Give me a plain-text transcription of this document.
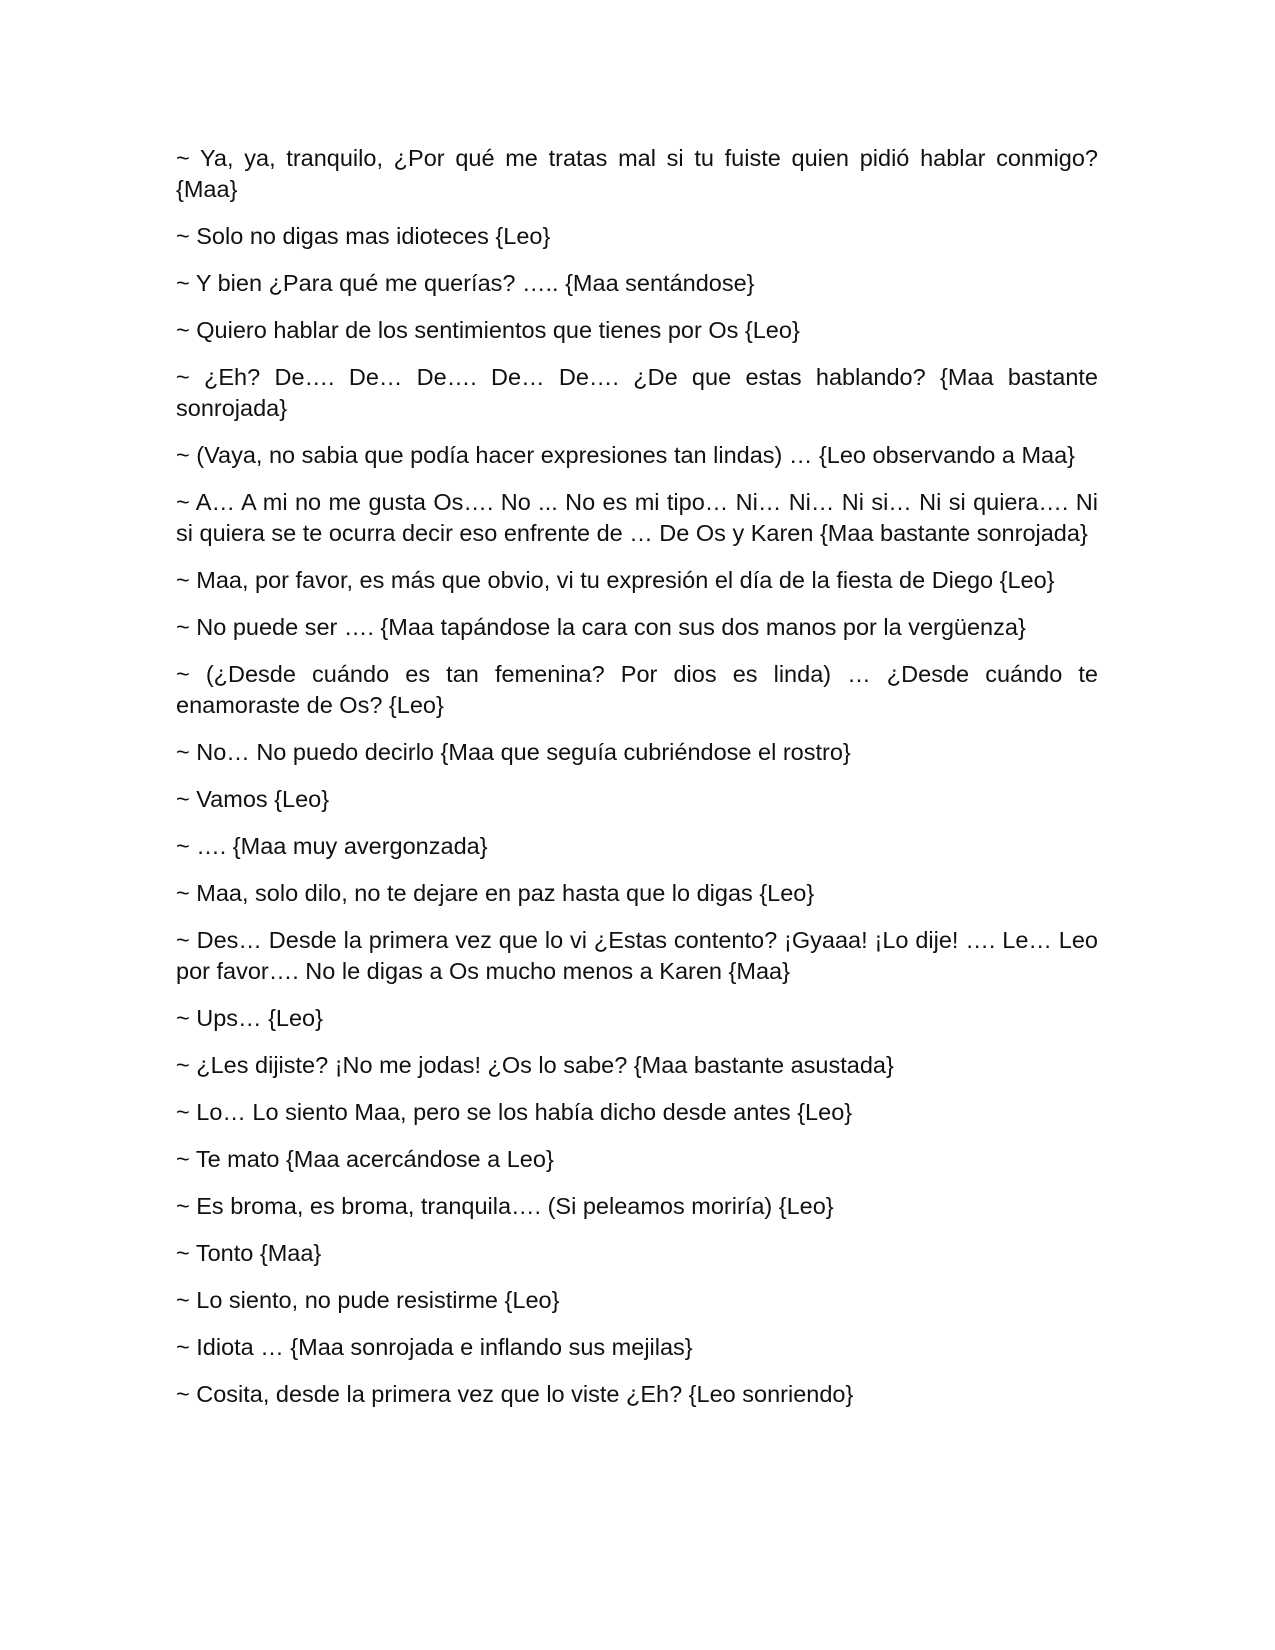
~ Ya, ya, tranquilo, ¿Por qué me tratas mal si tu fuiste quien pidió hablar conmigo? {Maa}

~ Solo no digas mas idioteces {Leo}

~ Y bien ¿Para qué me querías? ….. {Maa sentándose}

~ Quiero hablar de los sentimientos que tienes por Os {Leo}

~ ¿Eh? De…. De… De…. De… De…. ¿De que estas hablando? {Maa bastante sonrojada}

~ (Vaya, no sabia que podía hacer expresiones tan lindas) … {Leo observando a Maa}

~ A… A mi no me gusta Os…. No ... No es mi tipo… Ni… Ni… Ni si… Ni si quiera…. Ni si quiera se te ocurra decir eso enfrente de … De Os y Karen {Maa bastante sonrojada}

~ Maa, por favor, es más que obvio, vi tu expresión el día de la fiesta de Diego {Leo}

~ No puede ser …. {Maa tapándose la cara con sus dos manos por la vergüenza}

~ (¿Desde cuándo es tan femenina? Por dios es linda) … ¿Desde cuándo te enamoraste de Os? {Leo}

~ No… No puedo decirlo {Maa que seguía cubriéndose el rostro}

~ Vamos {Leo}

~ …. {Maa muy avergonzada}

~ Maa, solo dilo, no te dejare en paz hasta que lo digas {Leo}

~ Des… Desde la primera vez que lo vi ¿Estas contento? ¡Gyaaa! ¡Lo dije! …. Le… Leo por favor…. No le digas a Os mucho menos a Karen {Maa}

~ Ups… {Leo}

~ ¿Les dijiste? ¡No me jodas! ¿Os lo sabe? {Maa bastante asustada}

~ Lo… Lo siento Maa, pero se los había dicho desde antes {Leo}

~ Te mato {Maa acercándose a Leo}

~ Es broma, es broma, tranquila…. (Si peleamos moriría) {Leo}

~ Tonto {Maa}

~ Lo siento, no pude resistirme {Leo}

~ Idiota … {Maa sonrojada e inflando sus mejilas}

~ Cosita, desde la primera vez que lo viste ¿Eh? {Leo sonriendo}
